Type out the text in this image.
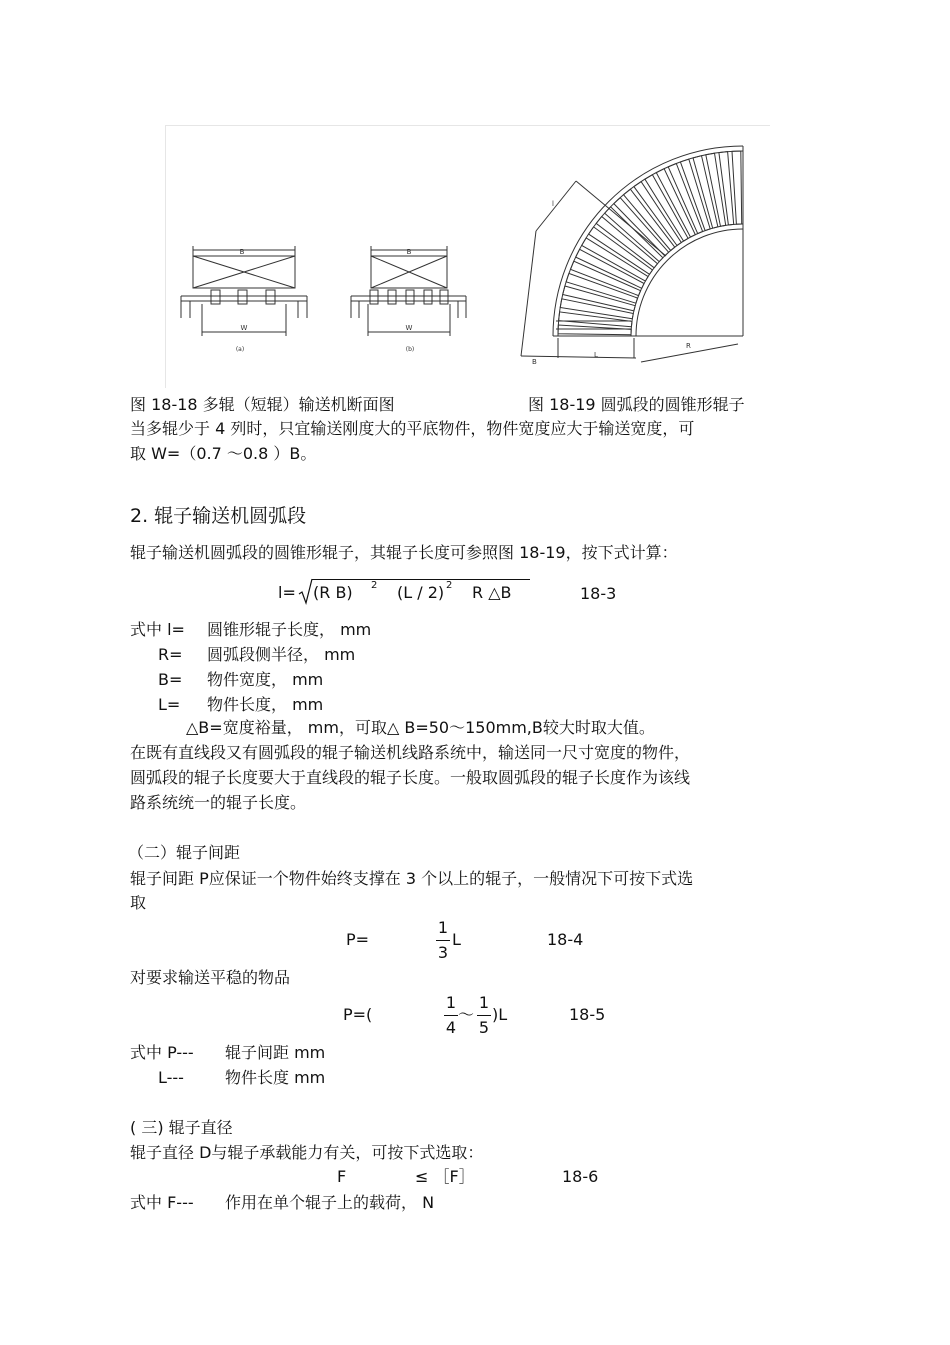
B
W
(a)
B
W
(b)
l
B
L
R
图 18-18 多辊（短辊）输送机断面图	图 18-19 圆弧段的圆锥形辊子
当多辊少于 4 列时，只宜输送刚度大的平底物件，物件宽度应大于输送宽度，可
取 W=（0.7 ～0.8 ）B。
2. 辊子输送机圆弧段
辊子输送机圆弧段的圆锥形辊子，其辊子长度可参照图 18-19，按下式计算：
l= (R B) 2 (L / 2) 2 R △B	18-3
式中 l= 圆锥形辊子长度， mm
R= 圆弧段侧半径， mm
B= 物件宽度， mm
L= 物件长度， mm
△B=宽度裕量， mm，可取△ B=50～150mm,B较大时取大值。
在既有直线段又有圆弧段的辊子输送机线路系统中，输送同一尺寸宽度的物件，
圆弧段的辊子长度要大于直线段的辊子长度。一般取圆弧段的辊子长度作为该线
路系统统一的辊子长度。
（二）辊子间距
辊子间距 P应保证一个物件始终支撑在 3 个以上的辊子，一般情况下可按下式选
取
P=
1
3
L	18-4
对要求输送平稳的物品
P=(
1
4
～
1
5
)L	18-5
式中 P--- 辊子间距 mm
L---	物件长度 mm
( 三) 辊子直径
辊子直径 D与辊子承载能力有关，可按下式选取：
F	≤ ［F］	18-6
式中 F--- 作用在单个辊子上的载荷， N
